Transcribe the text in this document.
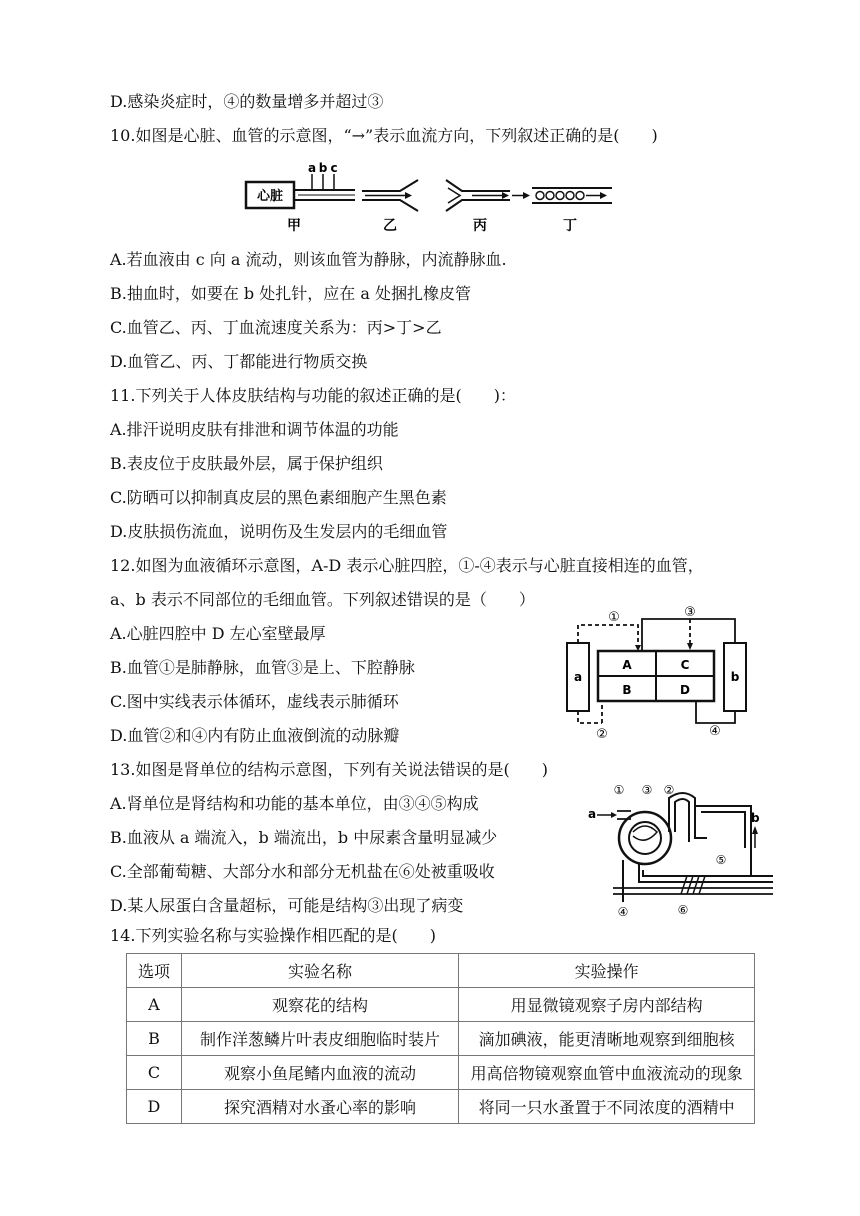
D.感染炎症时，④的数量增多并超过③
10.如图是心脏、血管的示意图，“→”表示血流方向，下列叙述正确的是(　　)
心脏
a b c
甲	乙	丙	丁
A.若血液由 c 向 a 流动，则该血管为静脉，内流静脉血.
B.抽血时，如要在 b 处扎针，应在 a 处捆扎橡皮管
C.血管乙、丙、丁血流速度关系为：丙>丁>乙
D.血管乙、丙、丁都能进行物质交换
11.下列关于人体皮肤结构与功能的叙述正确的是(　　)：
A.排汗说明皮肤有排泄和调节体温的功能
B.表皮位于皮肤最外层，属于保护组织
C.防晒可以抑制真皮层的黑色素细胞产生黑色素
D.皮肤损伤流血，说明伤及生发层内的毛细血管
12.如图为血液循环示意图，A-D 表示心脏四腔，①-④表示与心脏直接相连的血管，
a、b 表示不同部位的毛细血管。下列叙述错误的是（　　）
A.心脏四腔中 D 左心室壁最厚
B.血管①是肺静脉，血管③是上、下腔静脉
C.图中实线表示体循环，虚线表示肺循环
D.血管②和④内有防止血液倒流的动脉瓣
a	b
A	C
B	D
①	③
②	④
13.如图是肾单位的结构示意图，下列有关说法错误的是(　　)
A.肾单位是肾结构和功能的基本单位，由③④⑤构成
B.血液从 a 端流入，b 端流出，b 中尿素含量明显减少
C.全部葡萄糖、大部分水和部分无机盐在⑥处被重吸收
D.某人尿蛋白含量超标，可能是结构③出现了病变
a	b
① ③ ②
④
⑤
⑥
14.下列实验名称与实验操作相匹配的是(　　)
选项	实验名称	实验操作
A	观察花的结构	用显微镜观察子房内部结构
B	制作洋葱鳞片叶表皮细胞临时装片	滴加碘液，能更清晰地观察到细胞核
C	观察小鱼尾鳍内血液的流动	用高倍物镜观察血管中血液流动的现象
D	探究酒精对水蚤心率的影响	将同一只水蚤置于不同浓度的酒精中
